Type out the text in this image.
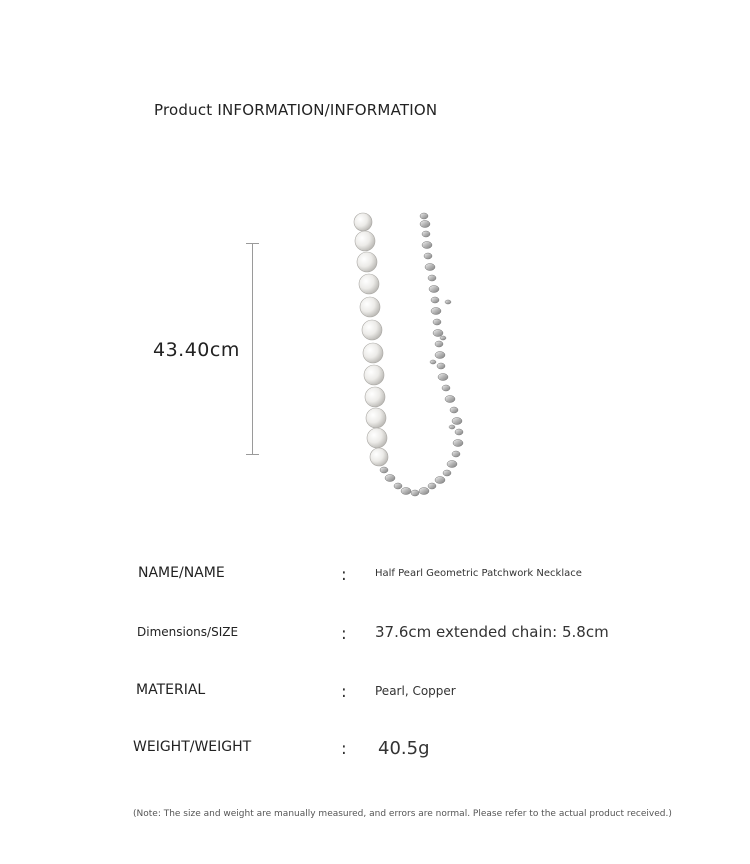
Product INFORMATION/INFORMATION
43.40cm
NAME/NAME	:	Half Pearl Geometric Patchwork Necklace
Dimensions/SIZE	: 37.6cm extended chain: 5.8cm
MATERIAL	: Pearl, Copper
WEIGHT/WEIGHT	: 40.5g
(Note: The size and weight are manually measured, and errors are normal. Please refer to the actual product received.)
